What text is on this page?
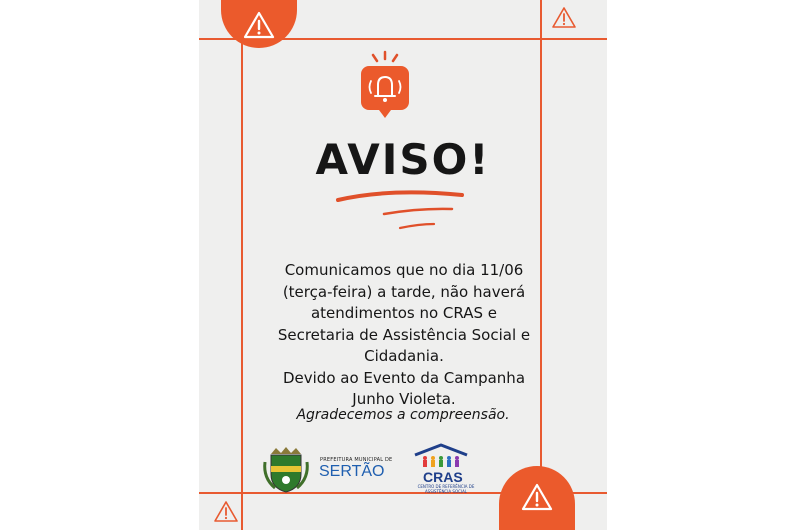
AVISO!
Comunicamos que no dia 11/06
(terça-feira) a tarde, não haverá
atendimentos no CRAS e
Secretaria de Assistência Social e
Cidadania.
Devido ao Evento da Campanha
Junho Violeta.
Agradecemos a compreensão.
PREFEITURA MUNICIPAL DE
SERTÃO	CRAS
CENTRO DE REFERÊNCIA DE ASSISTÊNCIA SOCIAL
